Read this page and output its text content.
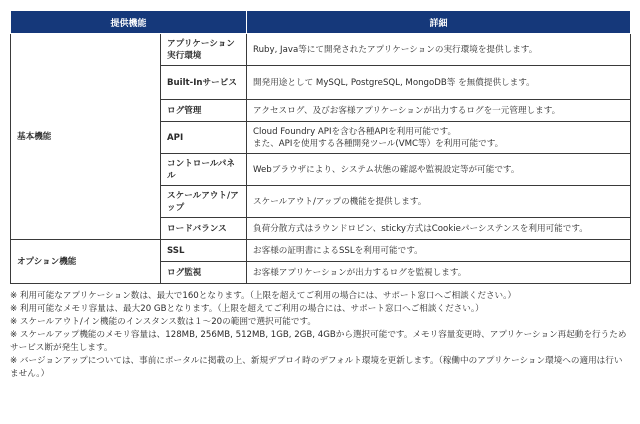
提供機能		詳細
基本機能	アプリケーション実行環境	Ruby, Java等にて開発されたアプリケーションの実行環境を提供します。
	Built-Inサービス	開発用途として MySQL, PostgreSQL, MongoDB等 を無償提供します。
	ログ管理	アクセスログ、及びお客様アプリケーションが出力するログを一元管理します。
	API	Cloud Foundry APIを含む各種APIを利用可能です。
また、APIを使用する各種開発ツール(VMC等）を利用可能です。

	コントロールパネル	Webブラウザにより、システム状態の確認や監視設定等が可能です。
	スケールアウト/アップ	スケールアウト/アップの機能を提供します。
	ロードバランス	負荷分散方式はラウンドロビン、sticky方式はCookieパーシステンスを利用可能です。
オプション機能	SSL	お客様の証明書によるSSLを利用可能です。
	ログ監視	お客様アプリケーションが出力するログを監視します。

※ 利用可能なアプリケーション数は、最大で160となります。（上限を超えてご利用の場合には、サポート窓口へご相談ください。）

※ 利用可能なメモリ容量は、最大20 GBとなります。（上限を超えてご利用の場合には、サポート窓口へご相談ください。）

※ スケールアウト/イン機能のインスタンス数は１～20の範囲で選択可能です。

※ スケールアップ機能のメモリ容量は、128MB, 256MB, 512MB, 1GB, 2GB, 4GBから選択可能です。メモリ容量変更時、アプリケーション再起動を行うためサービス断が発生します。

※ バージョンアップについては、事前にポータルに掲載の上、新規デプロイ時のデフォルト環境を更新します。（稼働中のアプリケーション環境への適用は行いません。）
